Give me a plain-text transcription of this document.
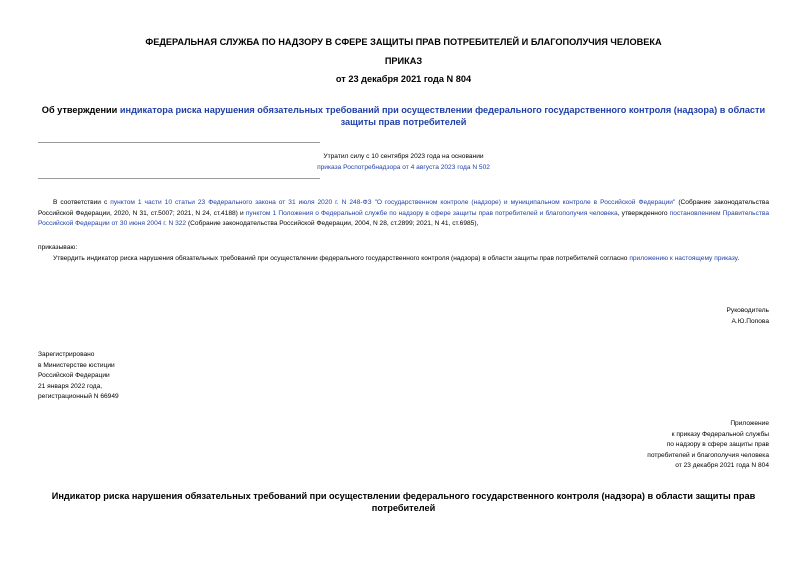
ФЕДЕРАЛЬНАЯ СЛУЖБА ПО НАДЗОРУ В СФЕРЕ ЗАЩИТЫ ПРАВ ПОТРЕБИТЕЛЕЙ И БЛАГОПОЛУЧИЯ ЧЕЛОВЕКА
ПРИКАЗ
от 23 декабря 2021 года N 804
Об утверждении индикатора риска нарушения обязательных требований при осуществлении федерального государственного контроля (надзора) в области защиты прав потребителей
Утратил силу с 10 сентября 2023 года на основании
приказа Роспотребнадзора от 4 августа 2023 года N 502
В соответствии с пунктом 1 части 10 статьи 23 Федерального закона от 31 июля 2020 г. N 248-ФЗ "О государственном контроле (надзоре) и муниципальном контроле в Российской Федерации" (Собрание законодательства Российской Федерации, 2020, N 31, ст.5007; 2021, N 24, ст.4188) и пунктом 1 Положения о Федеральной службе по надзору в сфере защиты прав потребителей и благополучия человека, утвержденного постановлением Правительства Российской Федерации от 30 июня 2004 г. N 322 (Собрание законодательства Российской Федерации, 2004, N 28, ст.2899; 2021, N 41, ст.6985),
приказываю:
Утвердить индикатор риска нарушения обязательных требований при осуществлении федерального государственного контроля (надзора) в области защиты прав потребителей согласно приложению к настоящему приказу.
Руководитель
А.Ю.Попова
Зарегистрировано
в Министерстве юстиции
Российской Федерации
21 января 2022 года,
регистрационный N 66949
Приложение
к приказу Федеральной службы
по надзору в сфере защиты прав
потребителей и благополучия человека
от 23 декабря 2021 года N 804
Индикатор риска нарушения обязательных требований при осуществлении федерального государственного контроля (надзора) в области защиты прав потребителей
